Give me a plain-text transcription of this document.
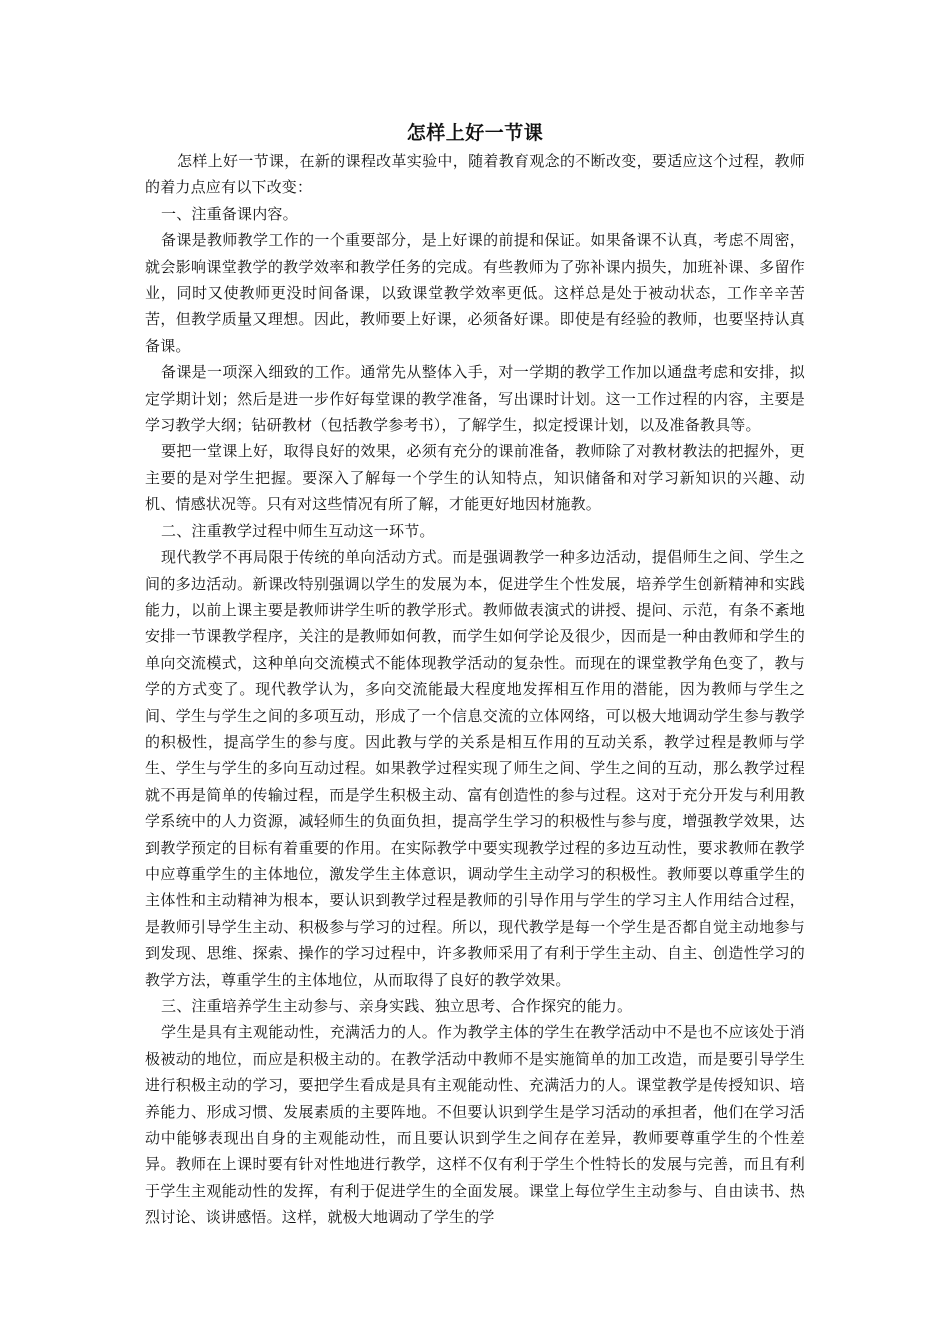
怎样上好一节课

怎样上好一节课，在新的课程改革实验中，随着教育观念的不断改变，要适应这个过程，教师的着力点应有以下改变：

一、注重备课内容。

备课是教师教学工作的一个重要部分，是上好课的前提和保证。如果备课不认真，考虑不周密，就会影响课堂教学的教学效率和教学任务的完成。有些教师为了弥补课内损失，加班补课、多留作业，同时又使教师更没时间备课，以致课堂教学效率更低。这样总是处于被动状态，工作辛辛苦苦，但教学质量又理想。因此，教师要上好课，必须备好课。即使是有经验的教师，也要坚持认真备课。

备课是一项深入细致的工作。通常先从整体入手，对一学期的教学工作加以通盘考虑和安排，拟定学期计划；然后是进一步作好每堂课的教学准备，写出课时计划。这一工作过程的内容，主要是学习教学大纲；钻研教材（包括教学参考书），了解学生，拟定授课计划，以及准备教具等。

要把一堂课上好，取得良好的效果，必须有充分的课前准备，教师除了对教材教法的把握外，更主要的是对学生把握。要深入了解每一个学生的认知特点，知识储备和对学习新知识的兴趣、动机、情感状况等。只有对这些情况有所了解，才能更好地因材施教。

二、注重教学过程中师生互动这一环节。

现代教学不再局限于传统的单向活动方式。而是强调教学一种多边活动，提倡师生之间、学生之间的多边活动。新课改特别强调以学生的发展为本，促进学生个性发展，培养学生创新精神和实践能力，以前上课主要是教师讲学生听的教学形式。教师做表演式的讲授、提问、示范，有条不紊地安排一节课教学程序，关注的是教师如何教，而学生如何学论及很少，因而是一种由教师和学生的单向交流模式，这种单向交流模式不能体现教学活动的复杂性。而现在的课堂教学角色变了，教与学的方式变了。现代教学认为，多向交流能最大程度地发挥相互作用的潜能，因为教师与学生之间、学生与学生之间的多项互动，形成了一个信息交流的立体网络，可以极大地调动学生参与教学的积极性，提高学生的参与度。因此教与学的关系是相互作用的互动关系，教学过程是教师与学生、学生与学生的多向互动过程。如果教学过程实现了师生之间、学生之间的互动，那么教学过程就不再是简单的传输过程，而是学生积极主动、富有创造性的参与过程。这对于充分开发与利用教学系统中的人力资源，减轻师生的负面负担，提高学生学习的积极性与参与度，增强教学效果，达到教学预定的目标有着重要的作用。在实际教学中要实现教学过程的多边互动性，要求教师在教学中应尊重学生的主体地位，激发学生主体意识，调动学生主动学习的积极性。教师要以尊重学生的主体性和主动精神为根本，要认识到教学过程是教师的引导作用与学生的学习主人作用结合过程，是教师引导学生主动、积极参与学习的过程。所以，现代教学是每一个学生是否都自觉主动地参与到发现、思维、探索、操作的学习过程中，许多教师采用了有利于学生主动、自主、创造性学习的教学方法，尊重学生的主体地位，从而取得了良好的教学效果。

三、注重培养学生主动参与、亲身实践、独立思考、合作探究的能力。

学生是具有主观能动性，充满活力的人。作为教学主体的学生在教学活动中不是也不应该处于消极被动的地位，而应是积极主动的。在教学活动中教师不是实施简单的加工改造，而是要引导学生进行积极主动的学习，要把学生看成是具有主观能动性、充满活力的人。课堂教学是传授知识、培养能力、形成习惯、发展素质的主要阵地。不但要认识到学生是学习活动的承担者，他们在学习活动中能够表现出自身的主观能动性，而且要认识到学生之间存在差异，教师要尊重学生的个性差异。教师在上课时要有针对性地进行教学，这样不仅有利于学生个性特长的发展与完善，而且有利于学生主观能动性的发挥，有利于促进学生的全面发展。课堂上每位学生主动参与、自由读书、热烈讨论、谈讲感悟。这样，就极大地调动了学生的学
